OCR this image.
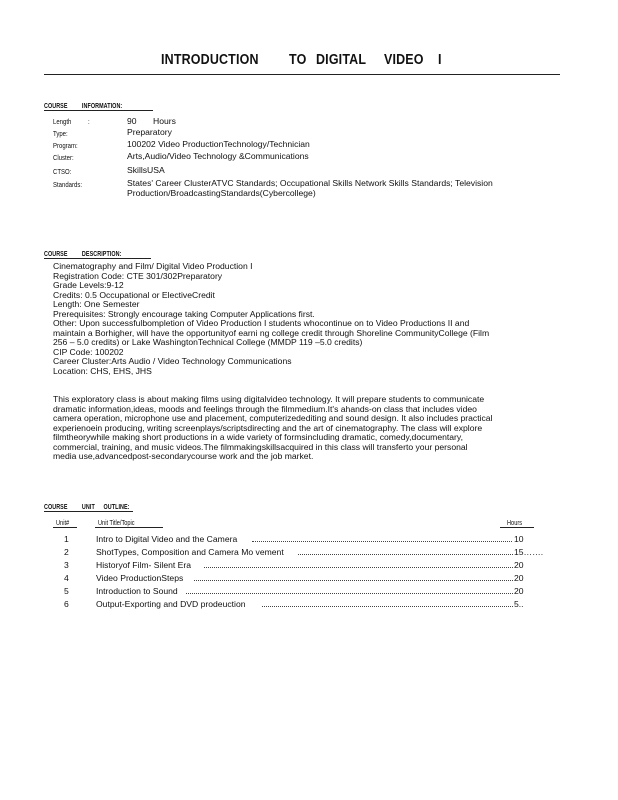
INTRODUCTION TO DIGITAL VIDEO I
COURSE INFORMATION:
Length :	90 Hours
Type:	Preparatory
Program:	100202 Video ProductionTechnology/Technician
Cluster:	Arts,Audio/Video Technology &Communications
CTSO:	SkillsUSA
Standards:	States' Career ClusterATVC Standards; Occupational Skills Network Skills Standards; Television
Production/BroadcastingStandards(Cybercollege)
COURSE DESCRIPTION:
Cinematography and Film/ Digital Video Production I
Registration Code: CTE 301/302Preparatory
Grade Levels:9-12
Credits: 0.5 Occupational or ElectiveCredit
Length: One Semester
Prerequisites: Strongly encourage taking Computer Applications first.
Other: Upon successfulbompletion of Video Production I students whocontinue on to Video Productions II and
maintain a Borhigher, will have the opportunityof earni ng college credit through Shoreline CommunityCollege (Film
256 – 5.0 credits) or Lake WashingtonTechnical College (MMDP 119 –5.0 credits)
CIP Code: 100202
Career Cluster:Arts Audio / Video Technology Communications
Location: CHS, EHS, JHS
This exploratory class is about making films using digitalvideo technology. It will prepare students to communicate
dramatic information,ideas, moods and feelings through the filmmedium.It's ahands-on class that includes video
camera operation, microphone use and placement, computerizedediting and sound design. It also includes practical
experienoein producing, writing screenplays/scriptsdirecting and the art of cinematography. The class will explore
filmtheorywhile making short productions in a wide variety of formsincluding dramatic, comedy,documentary,
commercial, training, and music videos.The filmmakingskillsacquired in this class will transferto your personal
media use,advancedpost-secondarycourse work and the job market.
COURSE UNIT OUTLINE:
Unit#	Unit Title/Topic	Hours
1	Intro to Digital Video and the Camera	10
2	ShotTypes, Composition and Camera Mo vement	15…….
3	Historyof Film- Silent Era	20
4	Video ProductionSteps	20
5	Introduction to Sound	20
6	Output-Exporting and DVD prodeuction	5..
